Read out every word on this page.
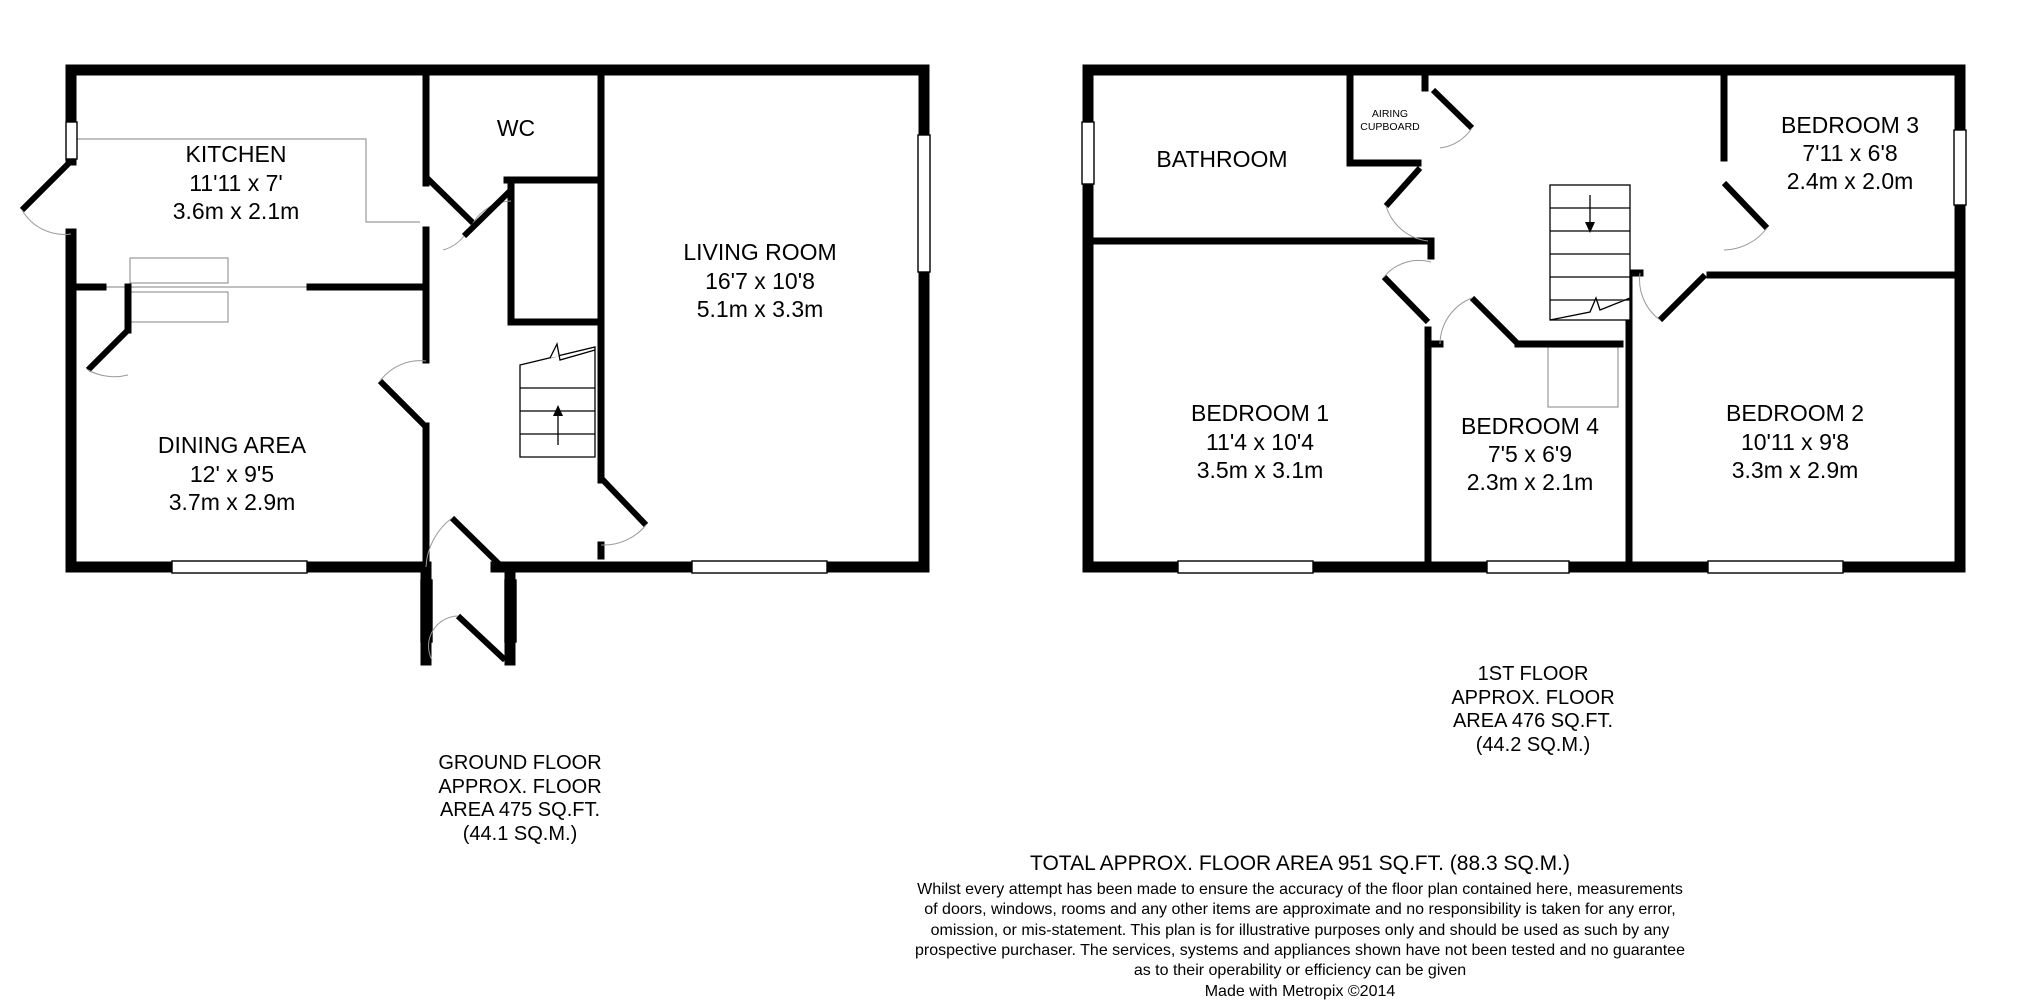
KITCHEN
11'11 x 7'
3.6m x 2.1m
WC
LIVING ROOM
16'7 x 10'8
5.1m x 3.3m
DINING AREA
12' x 9'5
3.7m x 2.9m
BATHROOM
BEDROOM 3
7'11 x 6'8
2.4m x 2.0m
BEDROOM 1
11'4 x 10'4
3.5m x 3.1m
BEDROOM 4
7'5 x 6'9
2.3m x 2.1m
BEDROOM 2
10'11 x 9'8
3.3m x 2.9m
AIRING
CUPBOARD
GROUND FLOOR
APPROX. FLOOR
AREA 475 SQ.FT.
(44.1 SQ.M.)
1ST FLOOR
APPROX. FLOOR
AREA 476 SQ.FT.
(44.2 SQ.M.)
TOTAL APPROX. FLOOR AREA 951 SQ.FT. (88.3 SQ.M.)
Whilst every attempt has been made to ensure the accuracy of the floor plan contained here, measurements
of doors, windows, rooms and any other items are approximate and no responsibility is taken for any error,
omission, or mis-statement. This plan is for illustrative purposes only and should be used as such by any
prospective purchaser. The services, systems and appliances shown have not been tested and no guarantee
as to their operability or efficiency can be given
Made with Metropix ©2014
